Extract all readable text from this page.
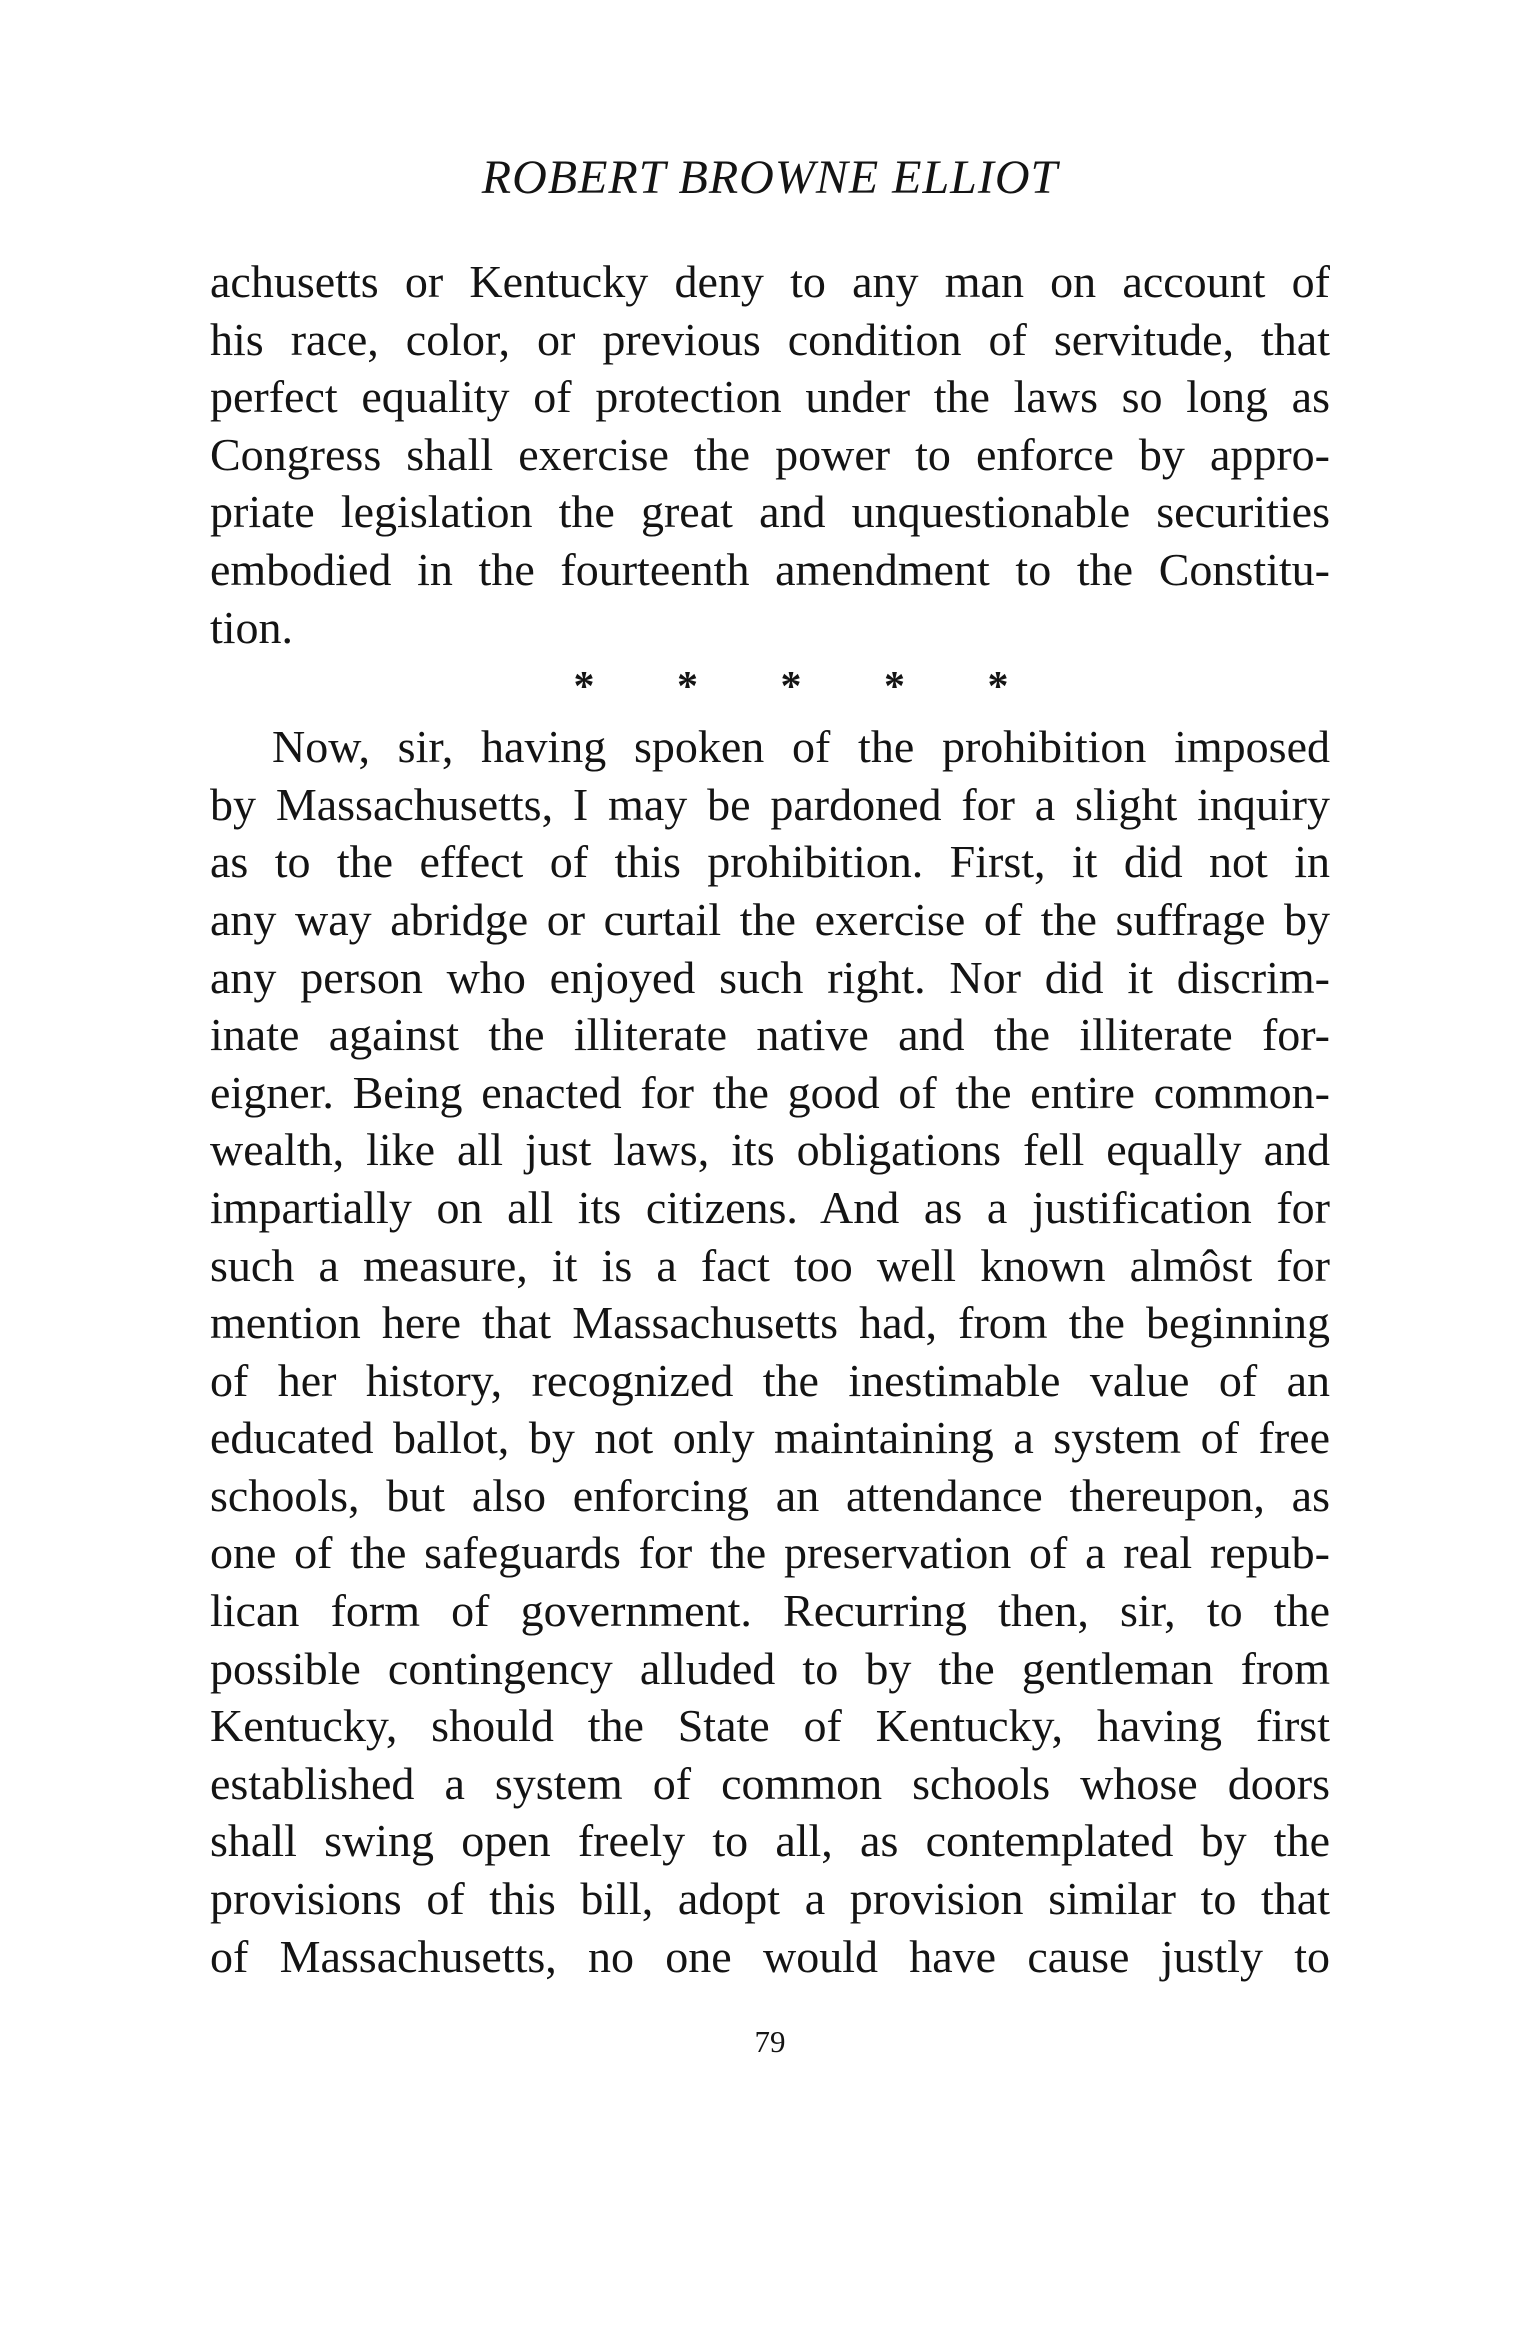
ROBERT BROWNE ELLIOT
achusetts or Kentucky deny to any man on account of
his race, color, or previous condition of servitude, that
perfect equality of protection under the laws so long as
Congress shall exercise the power to enforce by appro-
priate legislation the great and unquestionable securities
embodied in the fourteenth amendment to the Constitu-
tion.
* * * * *
Now, sir, having spoken of the prohibition imposed
by Massachusetts, I may be pardoned for a slight inquiry
as to the effect of this prohibition. First, it did not in
any way abridge or curtail the exercise of the suffrage by
any person who enjoyed such right. Nor did it discrim-
inate against the illiterate native and the illiterate for-
eigner. Being enacted for the good of the entire common-
wealth, like all just laws, its obligations fell equally and
impartially on all its citizens. And as a justification for
such a measure, it is a fact too well known almôst for
mention here that Massachusetts had, from the beginning
of her history, recognized the inestimable value of an
educated ballot, by not only maintaining a system of free
schools, but also enforcing an attendance thereupon, as
one of the safeguards for the preservation of a real repub-
lican form of government. Recurring then, sir, to the
possible contingency alluded to by the gentleman from
Kentucky, should the State of Kentucky, having first
established a system of common schools whose doors
shall swing open freely to all, as contemplated by the
provisions of this bill, adopt a provision similar to that
of Massachusetts, no one would have cause justly to
79
